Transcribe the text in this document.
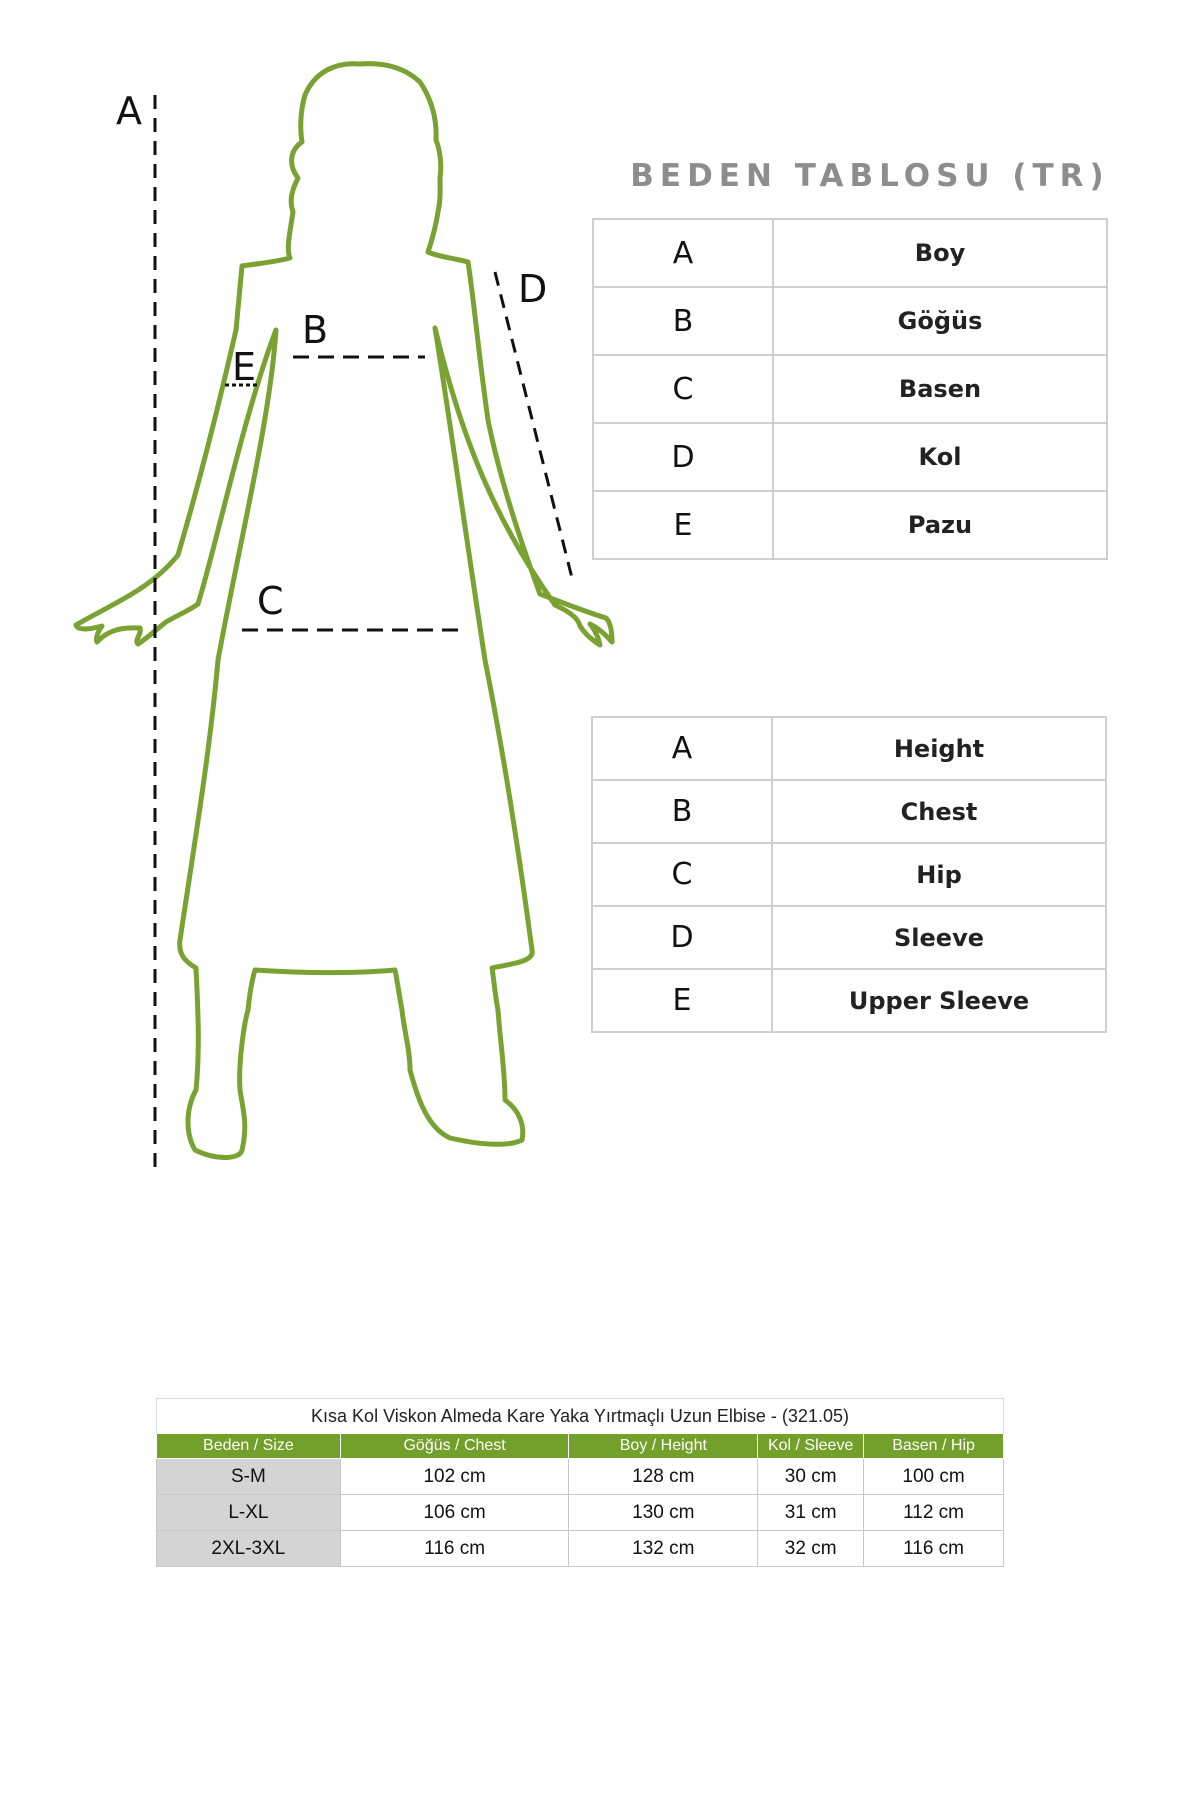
A
B
C
D
E
BEDEN TABLOSU (TR)
A	Boy
B	Göğüs
C	Basen
D	Kol
E	Pazu
A	Height
B	Chest
C	Hip
D	Sleeve
E	Upper Sleeve
Kısa Kol Viskon Almeda Kare Yaka Yırtmaçlı Uzun Elbise - (321.05)				
Beden / Size	Göğüs / Chest	Boy / Height	Kol / Sleeve	Basen / Hip
S-M	102 cm	128 cm	30 cm	100 cm
L-XL	106 cm	130 cm	31 cm	112 cm
2XL-3XL	116 cm	132 cm	32 cm	116 cm
